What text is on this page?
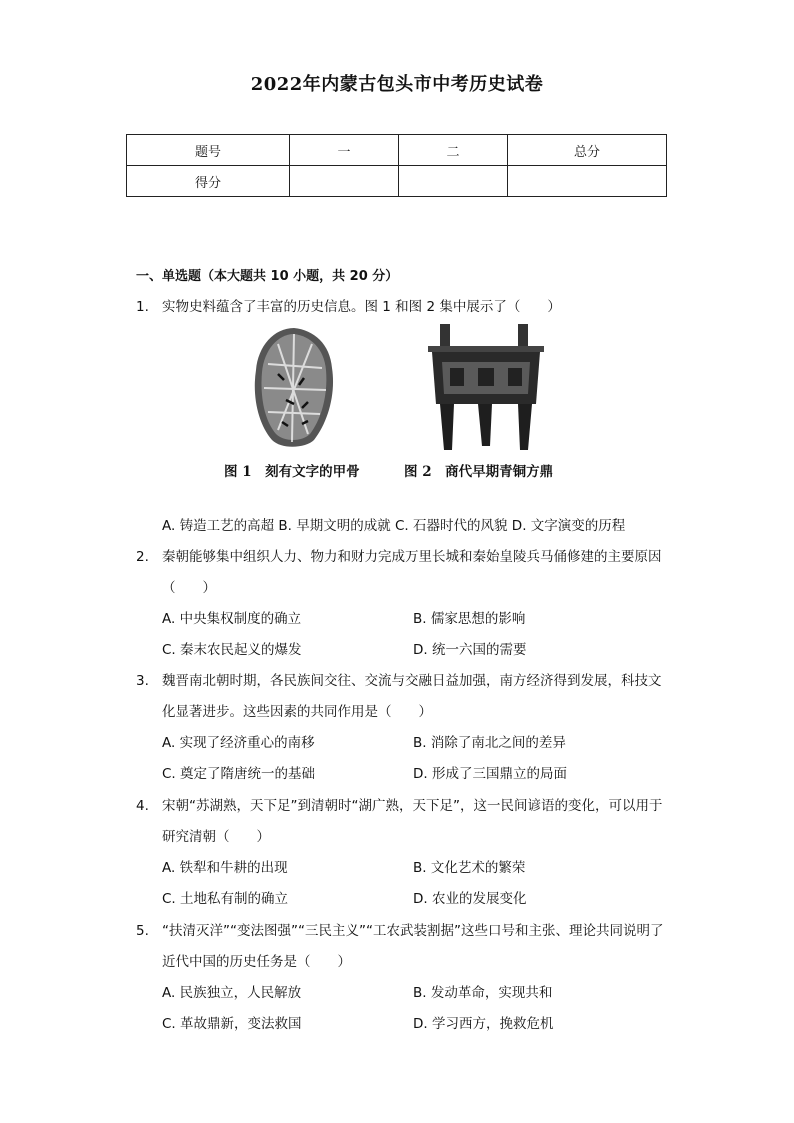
2022年内蒙古包头市中考历史试卷
题号	一	二	总分
得分			
一、单选题（本大题共 10 小题，共 20 分）
1. 实物史料蕴含了丰富的历史信息。图 1 和图 2 集中展示了（　　）
图 1　刻有文字的甲骨	图 2　商代早期青铜方鼎
A. 铸造工艺的高超 B. 早期文明的成就 C. 石器时代的风貌 D. 文字演变的历程
2. 秦朝能够集中组织人力、物力和财力完成万里长城和秦始皇陵兵马俑修建的主要原因（　　）
A. 中央集权制度的确立	B. 儒家思想的影响
C. 秦末农民起义的爆发	D. 统一六国的需要
3. 魏晋南北朝时期，各民族间交往、交流与交融日益加强，南方经济得到发展，科技文化显著进步。这些因素的共同作用是（　　）
A. 实现了经济重心的南移	B. 消除了南北之间的差异
C. 奠定了隋唐统一的基础	D. 形成了三国鼎立的局面
4. 宋朝“苏湖熟，天下足”到清朝时“湖广熟，天下足”，这一民间谚语的变化，可以用于研究清朝（　　）
A. 铁犁和牛耕的出现	B. 文化艺术的繁荣
C. 土地私有制的确立	D. 农业的发展变化
5. “扶清灭洋”“变法图强”“三民主义”“工农武装割据”这些口号和主张、理论共同说明了近代中国的历史任务是（　　）
A. 民族独立，人民解放	B. 发动革命，实现共和
C. 革故鼎新，变法救国	D. 学习西方，挽救危机
